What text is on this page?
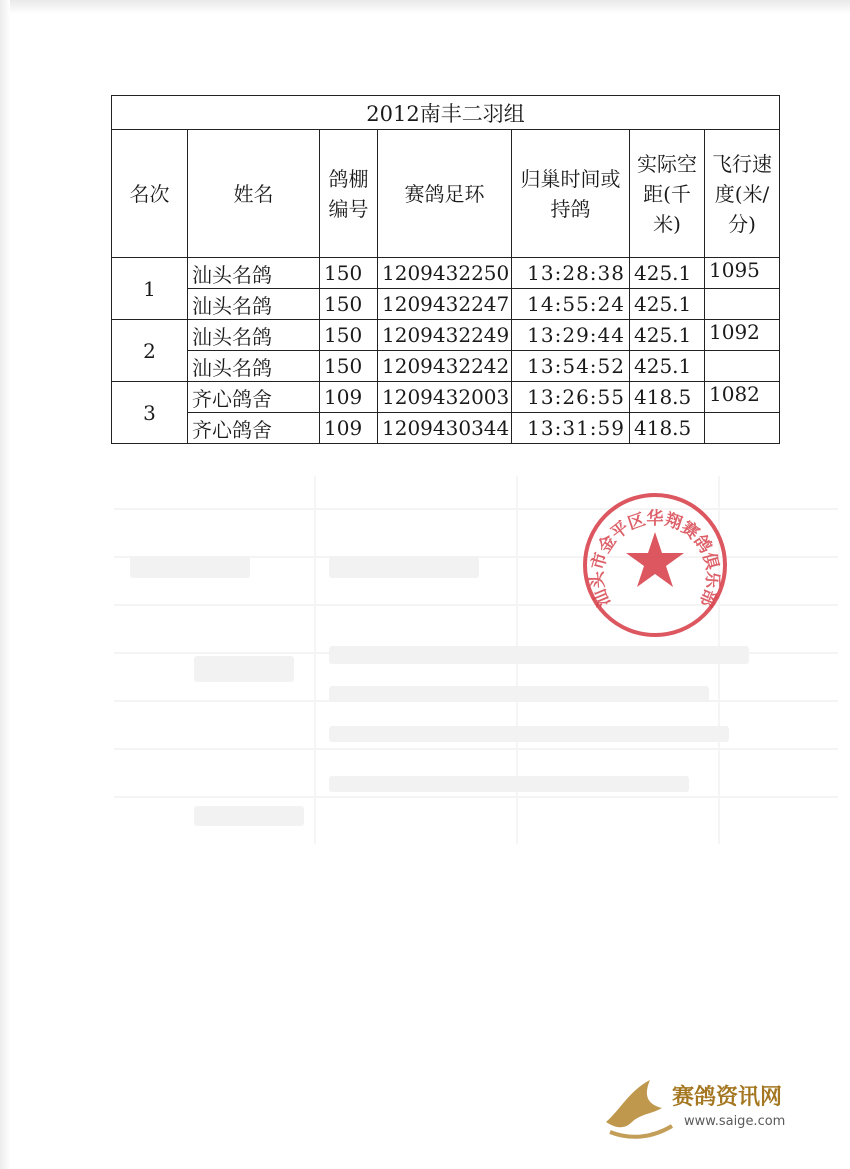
2012南丰二羽组						
名次	姓名	鸽棚编号	赛鸽足环	归巢时间或持鸽	实际空距(千米)	飞行速度(米/分)
1	汕头名鸽	150	1209432250	13:28:38	425.1	1095
	汕头名鸽	150	1209432247	14:55:24	425.1	
2	汕头名鸽	150	1209432249	13:29:44	425.1	1092
	汕头名鸽	150	1209432242	13:54:52	425.1	
3	齐心鸽舍	109	1209432003	13:26:55	418.5	1082
	齐心鸽舍	109	1209430344	13:31:59	418.5	
汕头市金平区华翔赛鸽俱乐部
赛鸽资讯网
www.saige.com
